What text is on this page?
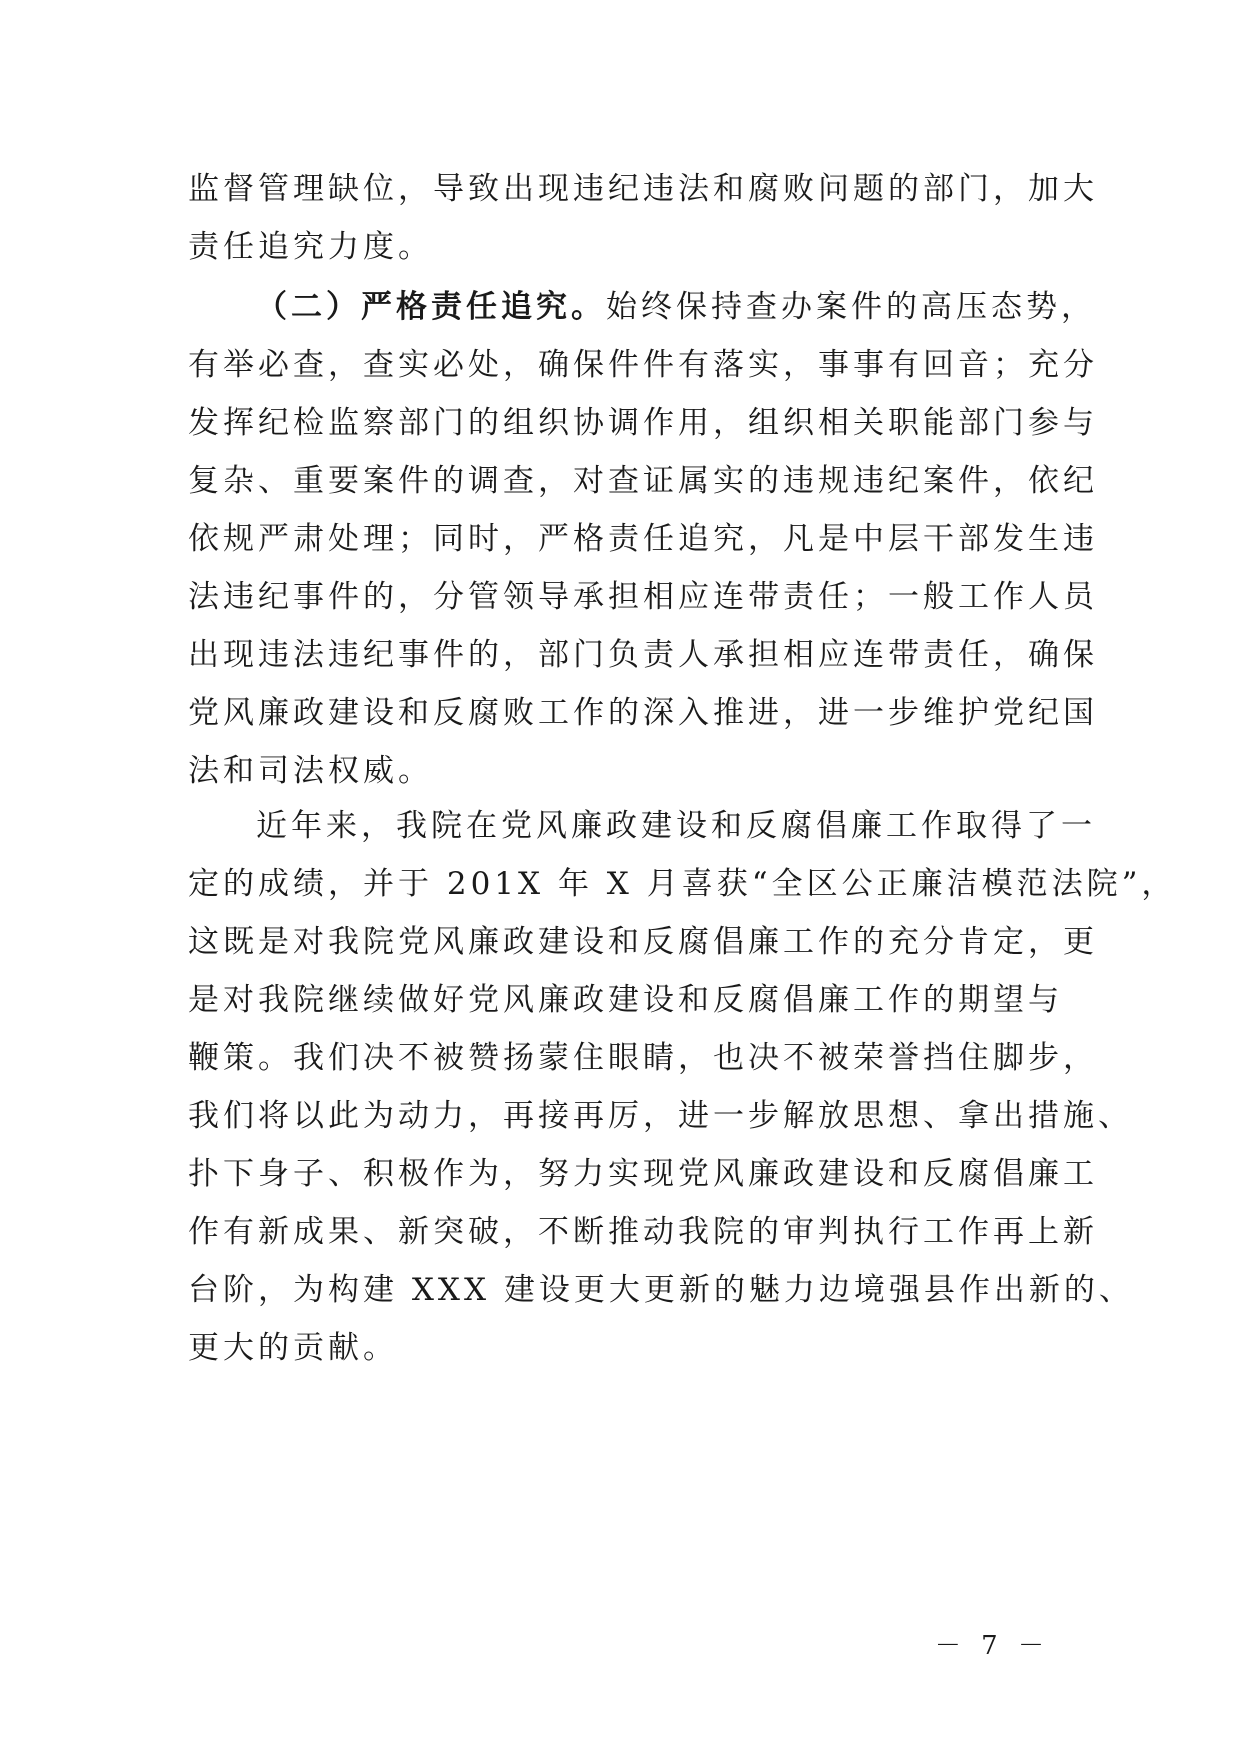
监督管理缺位，导致出现违纪违法和腐败问题的部门，加大
责任追究力度。
（二）严格责任追究。始终保持查办案件的高压态势，
有举必查，查实必处，确保件件有落实，事事有回音；充分
发挥纪检监察部门的组织协调作用，组织相关职能部门参与
复杂、重要案件的调查，对查证属实的违规违纪案件，依纪
依规严肃处理；同时，严格责任追究，凡是中层干部发生违
法违纪事件的，分管领导承担相应连带责任；一般工作人员
出现违法违纪事件的，部门负责人承担相应连带责任，确保
党风廉政建设和反腐败工作的深入推进，进一步维护党纪国
法和司法权威。
近年来，我院在党风廉政建设和反腐倡廉工作取得了一
定的成绩，并于 201X 年 X 月喜获“全区公正廉洁模范法院”，
这既是对我院党风廉政建设和反腐倡廉工作的充分肯定，更
是对我院继续做好党风廉政建设和反腐倡廉工作的期望与
鞭策。我们决不被赞扬蒙住眼睛，也决不被荣誉挡住脚步，
我们将以此为动力，再接再厉，进一步解放思想、拿出措施、
扑下身子、积极作为，努力实现党风廉政建设和反腐倡廉工
作有新成果、新突破，不断推动我院的审判执行工作再上新
台阶，为构建 XXX 建设更大更新的魅力边境强县作出新的、
更大的贡献。
－ 7 －
